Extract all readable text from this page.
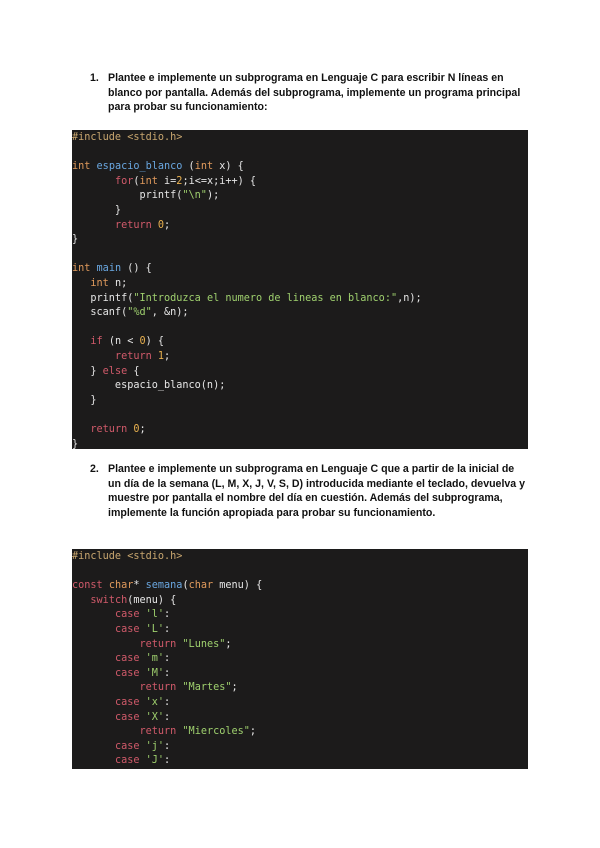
1. Plantee e implemente un subprograma en Lenguaje C para escribir N líneas en blanco por pantalla. Además del subprograma, implemente un programa principal para probar su funcionamiento:
#include <stdio.h>
int espacio_blanco (int x) {
for(int i=2;i<=x;i++) {
printf("\n");
}
return 0;
}
int main () {
int n;
printf("Introduzca el numero de lineas en blanco:",n);
scanf("%d", &n);
if (n < 0) {
return 1;
} else {
espacio_blanco(n);
}
return 0;
}
2. Plantee e implemente un subprograma en Lenguaje C que a partir de la inicial de un día de la semana (L, M, X, J, V, S, D) introducida mediante el teclado, devuelva y muestre por pantalla el nombre del día en cuestión. Además del subprograma, implemente la función apropiada para probar su funcionamiento.
#include <stdio.h>
const char* semana(char menu) {
switch(menu) {
case 'l':
case 'L':
return "Lunes";
case 'm':
case 'M':
return "Martes";
case 'x':
case 'X':
return "Miercoles";
case 'j':
case 'J':
